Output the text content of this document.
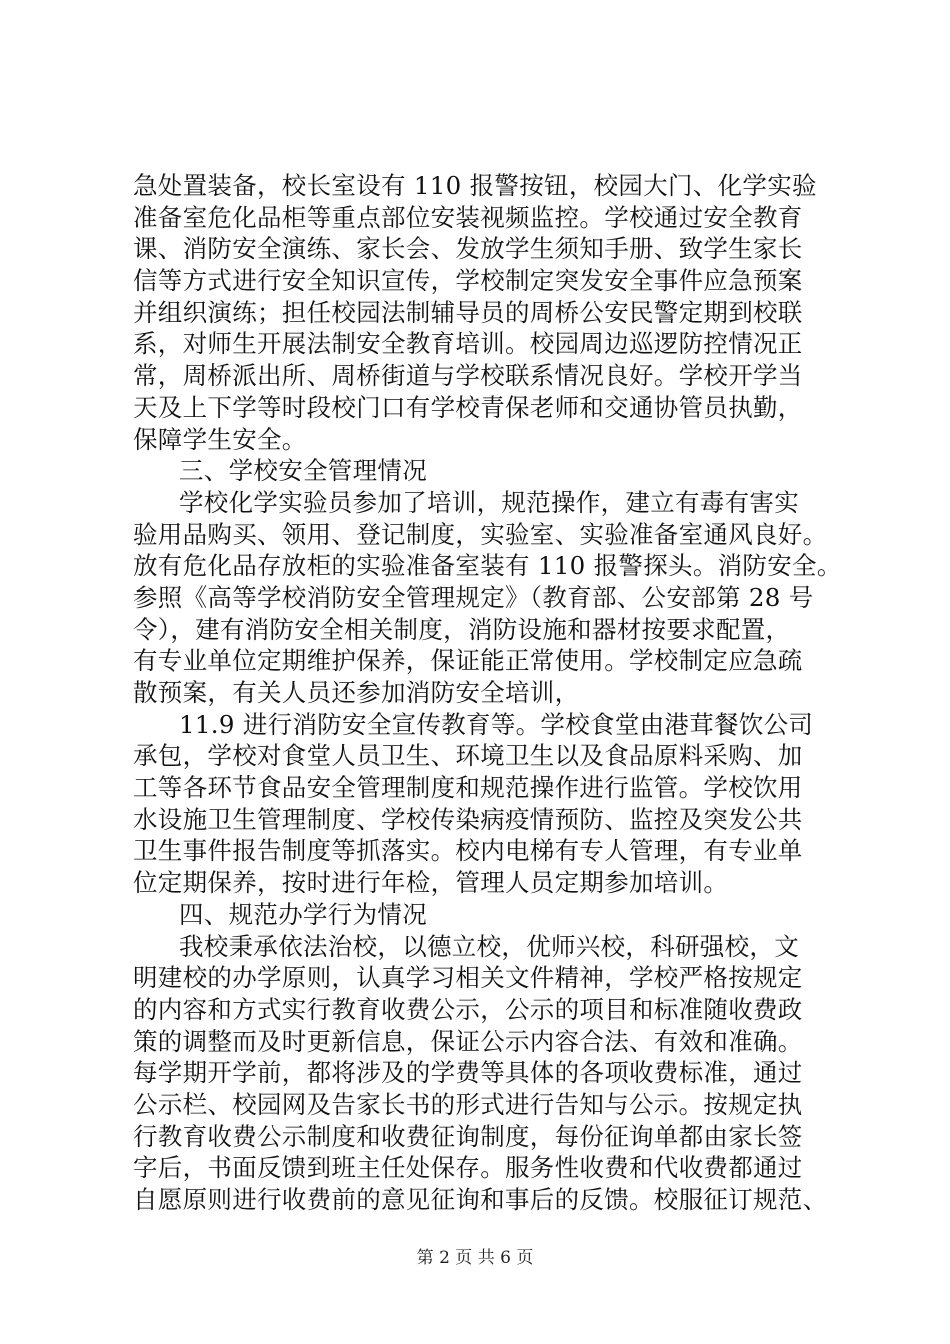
急处置装备，校长室设有 110 报警按钮，校园大门、化学实验
准备室危化品柜等重点部位安装视频监控。学校通过安全教育
课、消防安全演练、家长会、发放学生须知手册、致学生家长
信等方式进行安全知识宣传，学校制定突发安全事件应急预案
并组织演练；担任校园法制辅导员的周桥公安民警定期到校联
系，对师生开展法制安全教育培训。校园周边巡逻防控情况正
常，周桥派出所、周桥街道与学校联系情况良好。学校开学当
天及上下学等时段校门口有学校青保老师和交通协管员执勤，
保障学生安全。
三、学校安全管理情况
学校化学实验员参加了培训，规范操作，建立有毒有害实
验用品购买、领用、登记制度，实验室、实验准备室通风良好。
放有危化品存放柜的实验准备室装有 110 报警探头。消防安全。
参照《高等学校消防安全管理规定》（教育部、公安部第 28 号
令），建有消防安全相关制度，消防设施和器材按要求配置，
有专业单位定期维护保养，保证能正常使用。学校制定应急疏
散预案，有关人员还参加消防安全培训，
11.9 进行消防安全宣传教育等。学校食堂由港茸餐饮公司
承包，学校对食堂人员卫生、环境卫生以及食品原料采购、加
工等各环节食品安全管理制度和规范操作进行监管。学校饮用
水设施卫生管理制度、学校传染病疫情预防、监控及突发公共
卫生事件报告制度等抓落实。校内电梯有专人管理，有专业单
位定期保养，按时进行年检，管理人员定期参加培训。
四、规范办学行为情况
我校秉承依法治校，以德立校，优师兴校，科研强校，文
明建校的办学原则，认真学习相关文件精神，学校严格按规定
的内容和方式实行教育收费公示，公示的项目和标准随收费政
策的调整而及时更新信息，保证公示内容合法、有效和准确。
每学期开学前，都将涉及的学费等具体的各项收费标准，通过
公示栏、校园网及告家长书的形式进行告知与公示。按规定执
行教育收费公示制度和收费征询制度，每份征询单都由家长签
字后，书面反馈到班主任处保存。服务性收费和代收费都通过
自愿原则进行收费前的意见征询和事后的反馈。校服征订规范、
第 2 页 共 6 页
